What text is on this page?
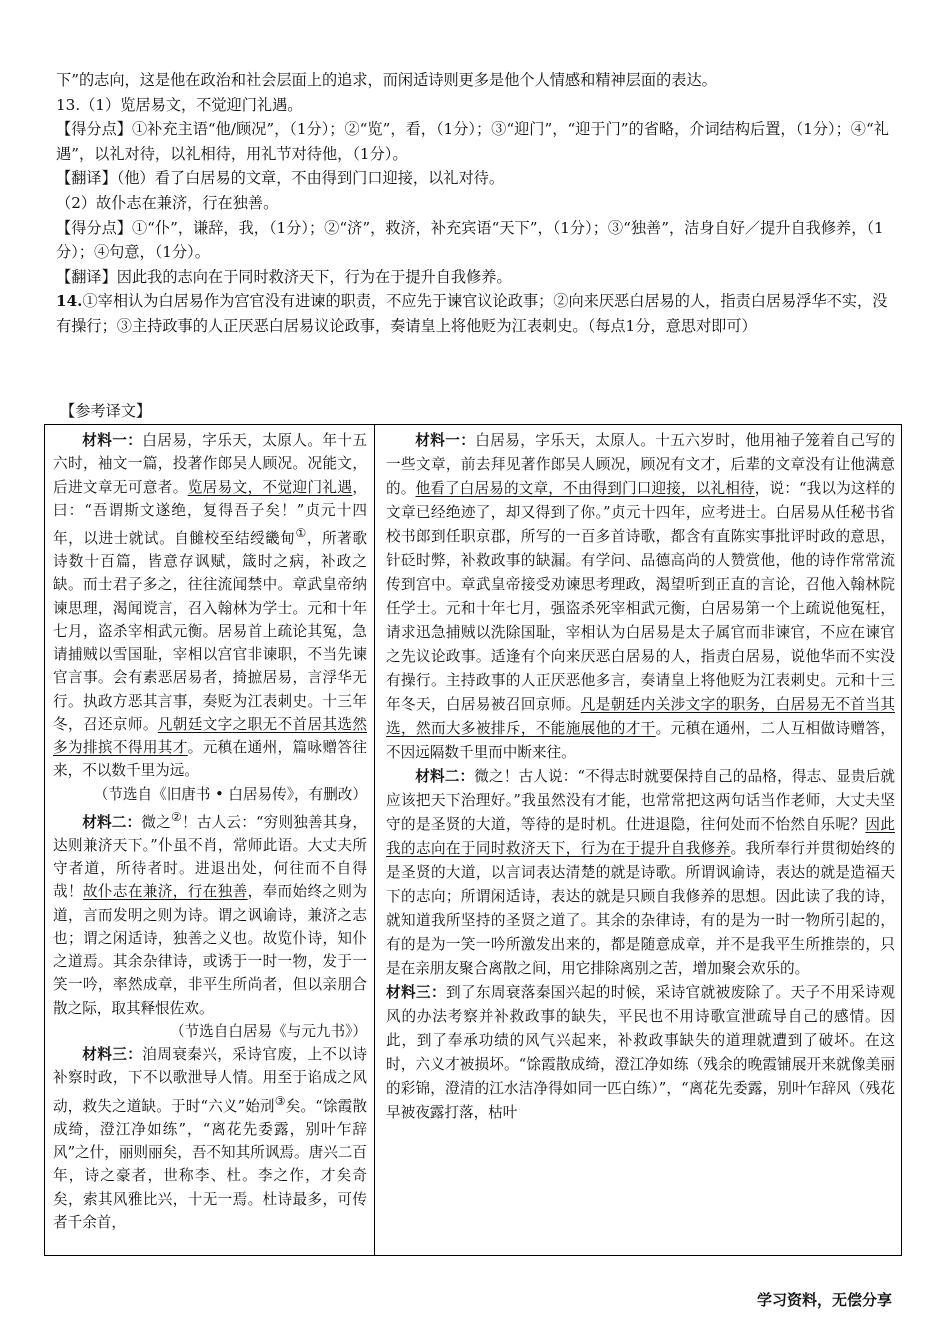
下”的志向，这是他在政治和社会层面上的追求，而闲适诗则更多是他个人情感和精神层面的表达。

13.（1）览居易文，不觉迎门礼遇。

【得分点】①补充主语“他/顾况”，（1分）；②“览”，看，（1分）；③“迎门”，“迎于门”的省略，介词结构后置，（1分）；④“礼遇”，以礼对待，以礼相待，用礼节对待他，（1分）。

【翻译】（他）看了白居易的文章，不由得到门口迎接，以礼对待。

（2）故仆志在兼济，行在独善。

【得分点】①“仆”，谦辞，我，（1分）；②“济”，救济，补充宾语“天下”，（1分）；③“独善”，洁身自好／提升自我修养，（1分）；④句意，（1分）。

【翻译】因此我的志向在于同时救济天下，行为在于提升自我修养。

14.①宰相认为白居易作为宫官没有进谏的职责，不应先于谏官议论政事；②向来厌恶白居易的人，指责白居易浮华不实，没有操行；③主持政事的人正厌恶白居易议论政事，奏请皇上将他贬为江表刺史。（每点1分，意思对即可）

【参考译文】

材料一：白居易，字乐天，太原人。年十五六时，袖文一篇，投著作郎吴人顾况。况能文，后进文章无可意者。览居易文，不觉迎门礼遇，曰：“吾谓斯文遂绝，复得吾子矣！”贞元十四年，以进士就试。自雠校至结绶畿甸①，所著歌诗数十百篇，皆意存讽赋，箴时之病，补政之缺。而士君子多之，往往流闻禁中。章武皇帝纳谏思理，渴闻谠言，召入翰林为学士。元和十年七月，盗杀宰相武元衡。居易首上疏论其冤，急请捕贼以雪国耻，宰相以宫官非谏职，不当先谏官言事。会有素恶居易者，掎摭居易，言浮华无行。执政方恶其言事，奏贬为江表刺史。十三年冬，召还京师。凡朝廷文字之职无不首居其选然多为排摈不得用其才。元稹在通州，篇咏赠答往来，不以数千里为远。

（节选自《旧唐书 • 白居易传》，有删改）

材料二：微之②！古人云：“穷则独善其身，达则兼济天下。”仆虽不肖，常师此语。大丈夫所守者道，所待者时。进退出处，何往而不自得哉！故仆志在兼济，行在独善，奉而始终之则为道，言而发明之则为诗。谓之讽谕诗，兼济之志也；谓之闲适诗，独善之义也。故览仆诗，知仆之道焉。其余杂律诗，或诱于一时一物，发于一笑一吟，率然成章，非平生所尚者，但以亲朋合散之际，取其释恨佐欢。

（节选自白居易《与元九书》）

材料三：洎周衰秦兴，采诗官废，上不以诗补察时政，下不以歌泄导人情。用至于谄成之风动，救失之道缺。于时“六义”始刓③矣。“馀霞散成绮，澄江净如练”，“离花先委露，别叶乍辞风”之什，丽则丽矣，吾不知其所讽焉。唐兴二百年，诗之豪者，世称李、杜。李之作，才矣奇矣，索其风雅比兴，十无一焉。杜诗最多，可传者千余首，

材料一：白居易，字乐天，太原人。十五六岁时，他用袖子笼着自己写的一些文章，前去拜见著作郎吴人顾况，顾况有文才，后辈的文章没有让他满意的。他看了白居易的文章，不由得到门口迎接，以礼相待，说：“我以为这样的文章已经绝迹了，却又得到了你。”贞元十四年，应考进士。白居易从任秘书省校书郎到任职京郡，所写的一百多首诗歌，都含有直陈实事批评时政的意思，针砭时弊，补救政事的缺漏。有学问、品德高尚的人赞赏他，他的诗作常常流传到宫中。章武皇帝接受劝谏思考理政，渴望听到正直的言论，召他入翰林院任学士。元和十年七月，强盗杀死宰相武元衡，白居易第一个上疏说他冤枉，请求迅急捕贼以洗除国耻，宰相认为白居易是太子属官而非谏官，不应在谏官之先议论政事。适逢有个向来厌恶白居易的人，指责白居易，说他华而不实没有操行。主持政事的人正厌恶他多言，奏请皇上将他贬为江表刺史。元和十三年冬天，白居易被召回京师。凡是朝廷内关涉文字的职务，白居易无不首当其选，然而大多被排斥，不能施展他的才干。元稹在通州，二人互相做诗赠答，不因远隔数千里而中断来往。

材料二：微之！古人说：“不得志时就要保持自己的品格，得志、显贵后就应该把天下治理好。”我虽然没有才能，也常常把这两句话当作老师，大丈夫坚守的是圣贤的大道，等待的是时机。仕进退隐，往何处而不怡然自乐呢？因此我的志向在于同时救济天下，行为在于提升自我修养。我所奉行并贯彻始终的是圣贤的大道，以言词表达清楚的就是诗歌。所谓讽谕诗，表达的就是造福天下的志向；所谓闲适诗，表达的就是只顾自我修养的思想。因此读了我的诗，就知道我所坚持的圣贤之道了。其余的杂律诗，有的是为一时一物所引起的，有的是为一笑一吟所激发出来的，都是随意成章，并不是我平生所推崇的，只是在亲朋友聚合离散之间，用它排除离别之苦，增加聚会欢乐的。

材料三：到了东周衰落秦国兴起的时候，采诗官就被废除了。天子不用采诗观风的办法考察并补救政事的缺失，平民也不用诗歌宣泄疏导自己的感情。因此，到了奉承功绩的风气兴起来，补救政事缺失的道理就遭到了破坏。在这时，六义才被损坏。“馀霞散成绮，澄江净如练（残余的晚霞铺展开来就像美丽的彩锦，澄清的江水洁净得如同一匹白练）”，“离花先委露，别叶乍辞风（残花早被夜露打落，枯叶

学习资料，无偿分享
